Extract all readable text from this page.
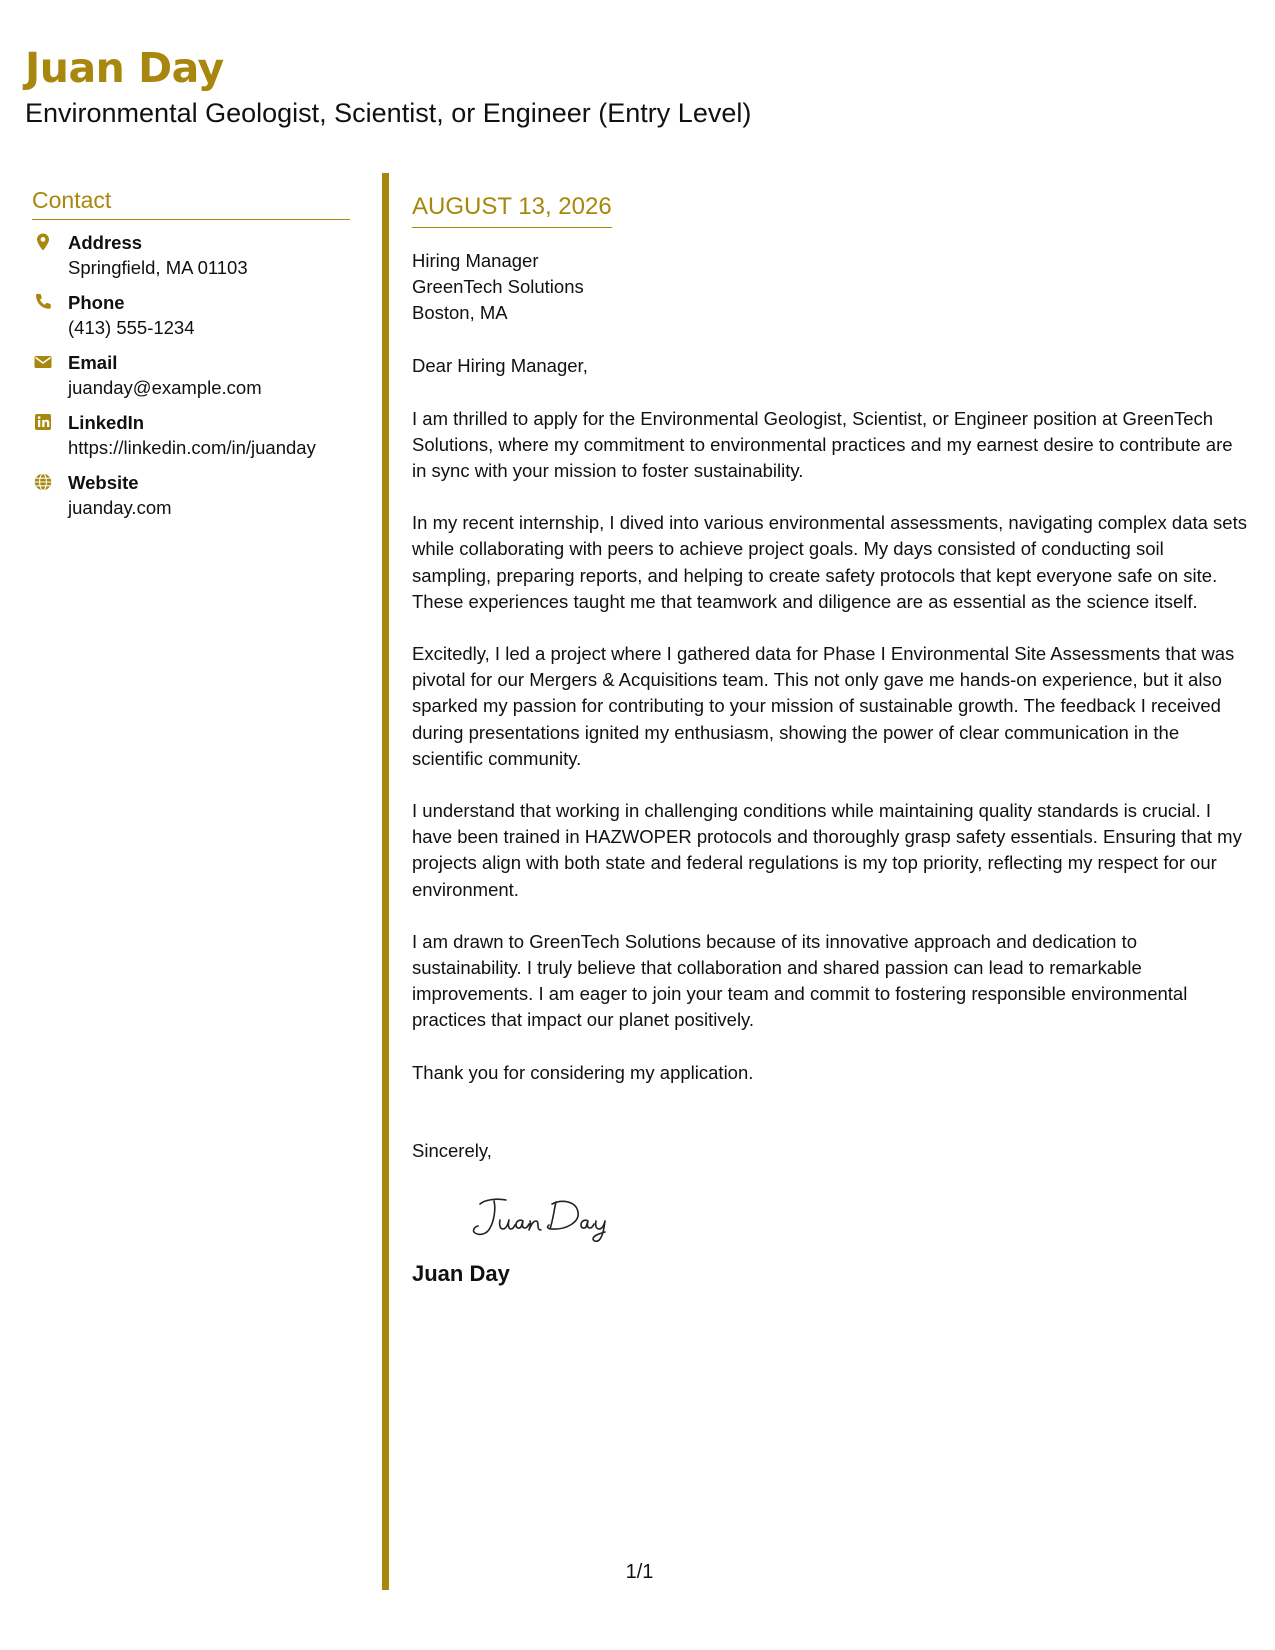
Juan Day
Environmental Geologist, Scientist, or Engineer (Entry Level)
Contact
Address
Springfield, MA 01103
Phone
(413) 555-1234
Email
juanday@example.com
LinkedIn
https://linkedin.com/in/juanday
Website
juanday.com
AUGUST 13, 2026
Hiring Manager
GreenTech Solutions
Boston, MA
Dear Hiring Manager,

I am thrilled to apply for the Environmental Geologist, Scientist, or Engineer position at GreenTech Solutions, where my commitment to environmental practices and my earnest desire to contribute are in sync with your mission to foster sustainability.

In my recent internship, I dived into various environmental assessments, navigating complex data sets while collaborating with peers to achieve project goals. My days consisted of conducting soil sampling, preparing reports, and helping to create safety protocols that kept everyone safe on site. These experiences taught me that teamwork and diligence are as essential as the science itself.

Excitedly, I led a project where I gathered data for Phase I Environmental Site Assessments that was pivotal for our Mergers & Acquisitions team. This not only gave me hands-on experience, but it also sparked my passion for contributing to your mission of sustainable growth. The feedback I received during presentations ignited my enthusiasm, showing the power of clear communication in the scientific community.

I understand that working in challenging conditions while maintaining quality standards is crucial. I have been trained in HAZWOPER protocols and thoroughly grasp safety essentials. Ensuring that my projects align with both state and federal regulations is my top priority, reflecting my respect for our environment.

I am drawn to GreenTech Solutions because of its innovative approach and dedication to sustainability. I truly believe that collaboration and shared passion can lead to remarkable improvements. I am eager to join your team and commit to fostering responsible environmental practices that impact our planet positively.

Thank you for considering my application.

Sincerely,
Juan Day
1/1
